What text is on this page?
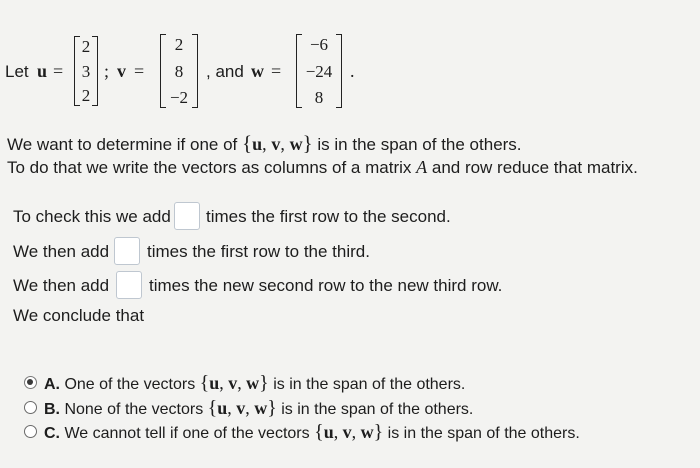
Let u =
2
3
2
; v =
2
8
−2
, and w =
−6
−24
8
.
We want to determine if one of {u, v, w} is in the span of the others.
To do that we write the vectors as columns of a matrix A and row reduce that matrix.
To check this we add times the first row to the second.
We then add times the first row to the third.
We then add times the new second row to the new third row.
We conclude that
A. One of the vectors {u, v, w} is in the span of the others.
B. None of the vectors {u, v, w} is in the span of the others.
C. We cannot tell if one of the vectors {u, v, w} is in the span of the others.
